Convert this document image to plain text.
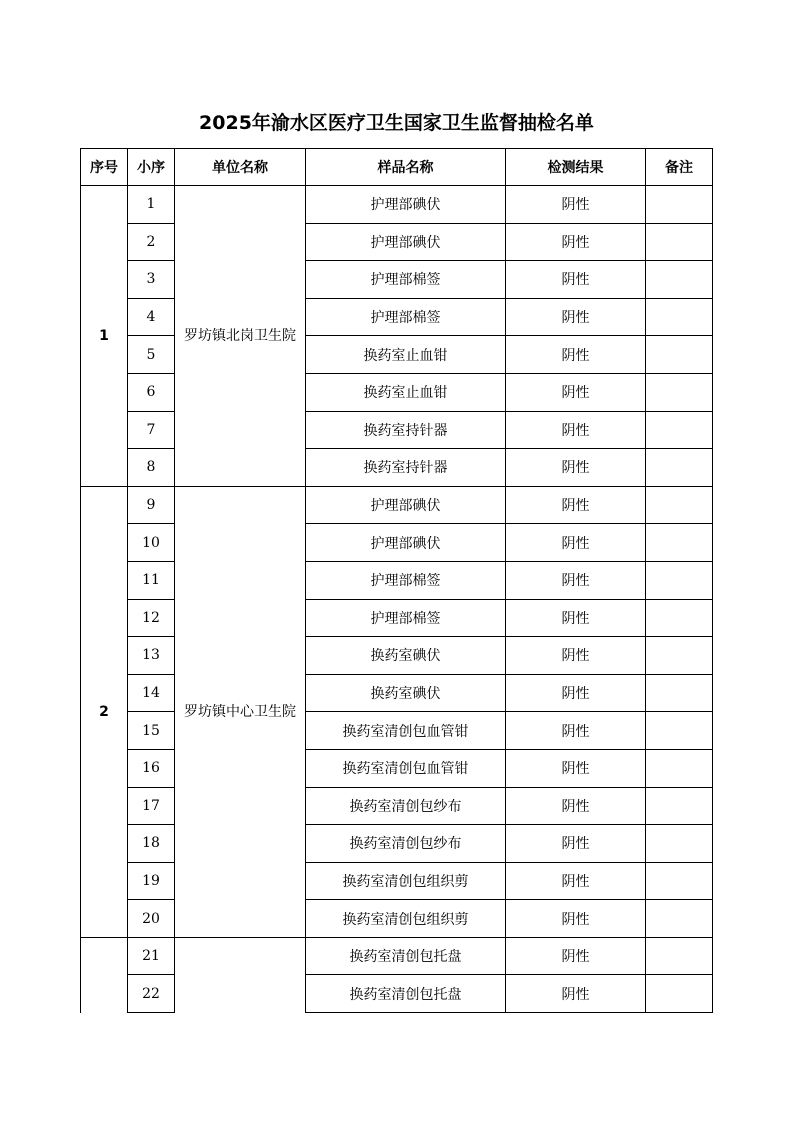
2025年渝水区医疗卫生国家卫生监督抽检名单
序号	小序	单位名称	样品名称	检测结果	备注
1	1	罗坊镇北岗卫生院	护理部碘伏	阴性	
	2		护理部碘伏	阴性	
	3		护理部棉签	阴性	
	4		护理部棉签	阴性	
	5		换药室止血钳	阴性	
	6		换药室止血钳	阴性	
	7		换药室持针器	阴性	
	8		换药室持针器	阴性	
2	9	罗坊镇中心卫生院	护理部碘伏	阴性	
	10		护理部碘伏	阴性	
	11		护理部棉签	阴性	
	12		护理部棉签	阴性	
	13		换药室碘伏	阴性	
	14		换药室碘伏	阴性	
	15		换药室清创包血管钳	阴性	
	16		换药室清创包血管钳	阴性	
	17		换药室清创包纱布	阴性	
	18		换药室清创包纱布	阴性	
	19		换药室清创包组织剪	阴性	
	20		换药室清创包组织剪	阴性	
	21		换药室清创包托盘	阴性	
	22		换药室清创包托盘	阴性	
